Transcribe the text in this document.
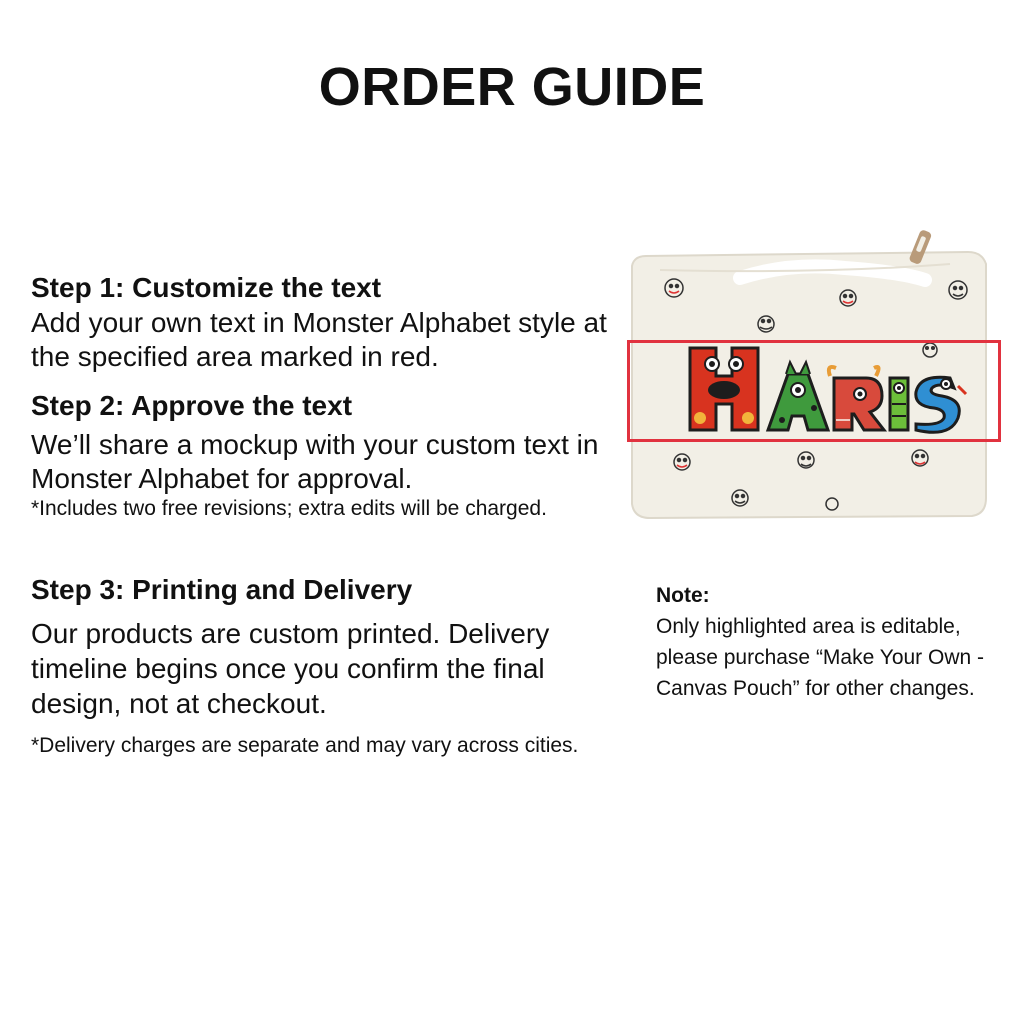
ORDER GUIDE
Step 1: Customize the text
Add your own text in Monster Alphabet style at the specified area marked in red.
Step 2: Approve the text
We’ll share a mockup with your custom text in Monster Alphabet for approval.
*Includes two free revisions; extra edits will be charged.
Step 3: Printing and Delivery
Our products are custom printed. Delivery timeline begins once you confirm the final design, not at checkout.
*Delivery charges are separate and may vary across cities.
Note:
Only highlighted area is editable, please purchase “Make Your Own - Canvas Pouch” for other changes.
